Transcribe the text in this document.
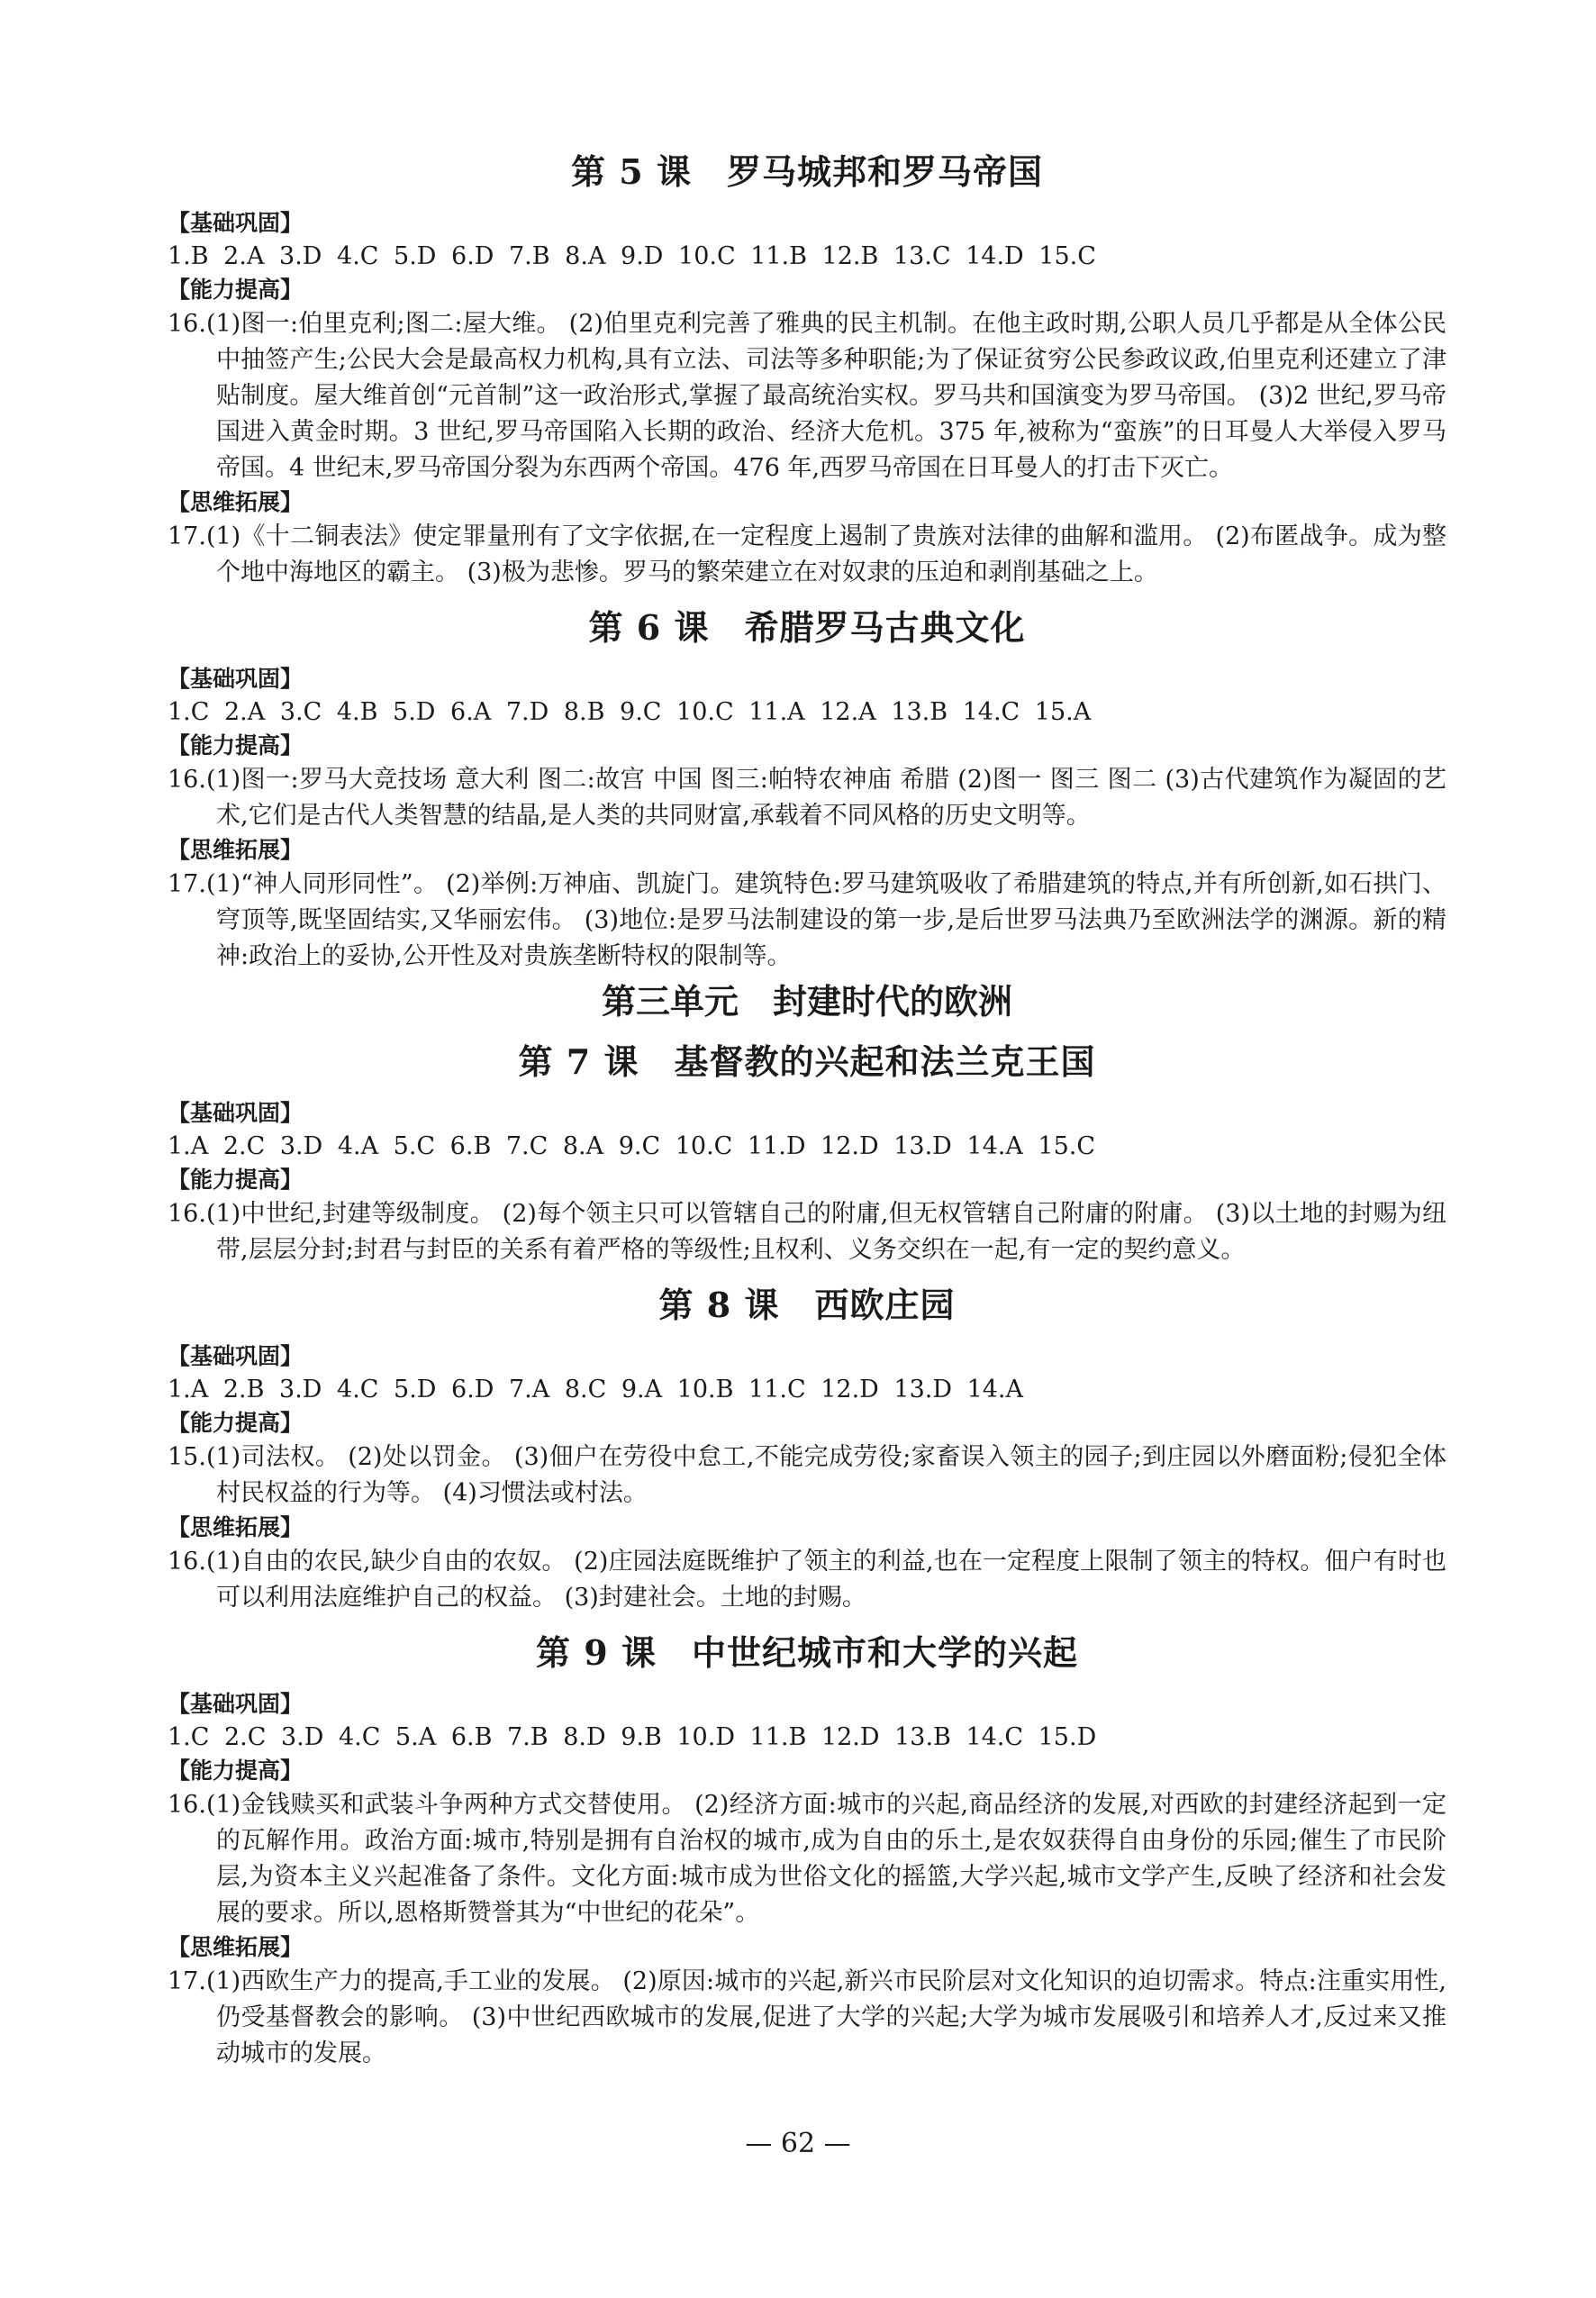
第 5 课　罗马城邦和罗马帝国
【基础巩固】
1.B 2.A 3.D 4.C 5.D 6.D 7.B 8.A 9.D 10.C 11.B 12.B 13.C 14.D 15.C
【能力提高】
16.(1)图一:伯里克利;图二:屋大维。 (2)伯里克利完善了雅典的民主机制。在他主政时期,公职人员几乎都是从全体公民中抽签产生;公民大会是最高权力机构,具有立法、司法等多种职能;为了保证贫穷公民参政议政,伯里克利还建立了津贴制度。屋大维首创“元首制”这一政治形式,掌握了最高统治实权。罗马共和国演变为罗马帝国。 (3)2 世纪,罗马帝国进入黄金时期。3 世纪,罗马帝国陷入长期的政治、经济大危机。375 年,被称为“蛮族”的日耳曼人大举侵入罗马帝国。4 世纪末,罗马帝国分裂为东西两个帝国。476 年,西罗马帝国在日耳曼人的打击下灭亡。
【思维拓展】
17.(1)《十二铜表法》使定罪量刑有了文字依据,在一定程度上遏制了贵族对法律的曲解和滥用。 (2)布匿战争。成为整个地中海地区的霸主。 (3)极为悲惨。罗马的繁荣建立在对奴隶的压迫和剥削基础之上。
第 6 课　希腊罗马古典文化
【基础巩固】
1.C 2.A 3.C 4.B 5.D 6.A 7.D 8.B 9.C 10.C 11.A 12.A 13.B 14.C 15.A
【能力提高】
16.(1)图一:罗马大竞技场 意大利 图二:故宫 中国 图三:帕特农神庙 希腊 (2)图一 图三 图二 (3)古代建筑作为凝固的艺术,它们是古代人类智慧的结晶,是人类的共同财富,承载着不同风格的历史文明等。
【思维拓展】
17.(1)“神人同形同性”。 (2)举例:万神庙、凯旋门。建筑特色:罗马建筑吸收了希腊建筑的特点,并有所创新,如石拱门、穹顶等,既坚固结实,又华丽宏伟。 (3)地位:是罗马法制建设的第一步,是后世罗马法典乃至欧洲法学的渊源。新的精神:政治上的妥协,公开性及对贵族垄断特权的限制等。
第三单元　封建时代的欧洲
第 7 课　基督教的兴起和法兰克王国
【基础巩固】
1.A 2.C 3.D 4.A 5.C 6.B 7.C 8.A 9.C 10.C 11.D 12.D 13.D 14.A 15.C
【能力提高】
16.(1)中世纪,封建等级制度。 (2)每个领主只可以管辖自己的附庸,但无权管辖自己附庸的附庸。 (3)以土地的封赐为纽带,层层分封;封君与封臣的关系有着严格的等级性;且权利、义务交织在一起,有一定的契约意义。
第 8 课　西欧庄园
【基础巩固】
1.A 2.B 3.D 4.C 5.D 6.D 7.A 8.C 9.A 10.B 11.C 12.D 13.D 14.A
【能力提高】
15.(1)司法权。 (2)处以罚金。 (3)佃户在劳役中怠工,不能完成劳役;家畜误入领主的园子;到庄园以外磨面粉;侵犯全体村民权益的行为等。 (4)习惯法或村法。
【思维拓展】
16.(1)自由的农民,缺少自由的农奴。 (2)庄园法庭既维护了领主的利益,也在一定程度上限制了领主的特权。佃户有时也可以利用法庭维护自己的权益。 (3)封建社会。土地的封赐。
第 9 课　中世纪城市和大学的兴起
【基础巩固】
1.C 2.C 3.D 4.C 5.A 6.B 7.B 8.D 9.B 10.D 11.B 12.D 13.B 14.C 15.D
【能力提高】
16.(1)金钱赎买和武装斗争两种方式交替使用。 (2)经济方面:城市的兴起,商品经济的发展,对西欧的封建经济起到一定的瓦解作用。政治方面:城市,特别是拥有自治权的城市,成为自由的乐土,是农奴获得自由身份的乐园;催生了市民阶层,为资本主义兴起准备了条件。文化方面:城市成为世俗文化的摇篮,大学兴起,城市文学产生,反映了经济和社会发展的要求。所以,恩格斯赞誉其为“中世纪的花朵”。
【思维拓展】
17.(1)西欧生产力的提高,手工业的发展。 (2)原因:城市的兴起,新兴市民阶层对文化知识的迫切需求。特点:注重实用性,仍受基督教会的影响。 (3)中世纪西欧城市的发展,促进了大学的兴起;大学为城市发展吸引和培养人才,反过来又推动城市的发展。
— 62 —
